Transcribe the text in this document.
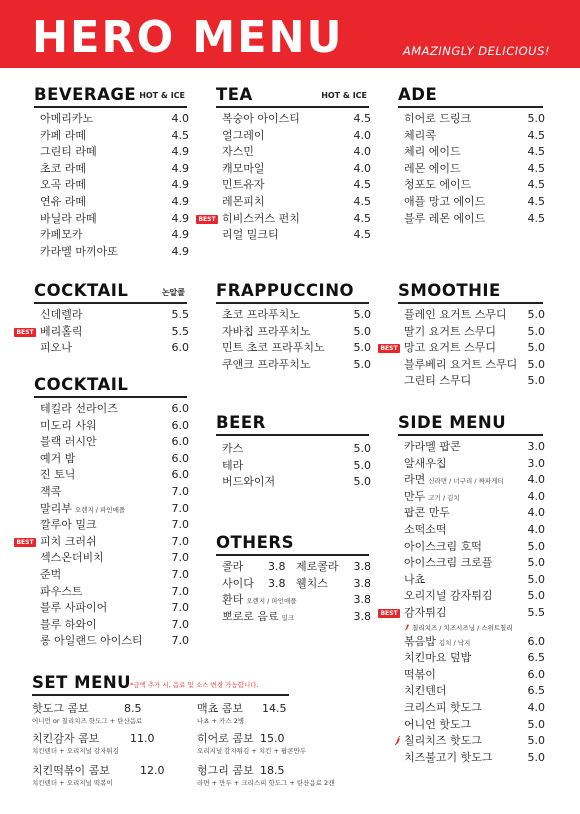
HERO MENU	AMAZINGLY DELICIOUS!
BEVERAGE HOT & ICE
아메리카노	4.0
카페 라떼	4.5
그린티 라떼	4.9
초코 라떼	4.9
오곡 라떼	4.9
연유 라떼	4.9
바닐라 라떼	4.9
카페모카	4.9
카라멜 마끼아또	4.9
TEA	HOT & ICE
복숭아 아이스티	4.5
얼그레이	4.0
자스민	4.0
캐모마일	4.0
민트유자	4.5
레몬피치	4.5
BEST 히비스커스 펀치	4.5
리얼 밀크티	4.5
ADE
히어로 드링크	5.0
체리콕	4.5
체리 에이드	4.5
레몬 에이드	4.5
청포도 에이드	4.5
애플 망고 에이드	4.5
블루 레몬 에이드	4.5
COCKTAIL	논알콜
신데렐라	5.5
BEST 베리홀릭	5.5
피오나	6.0
FRAPPUCCINO
초코 프라푸치노	5.0
자바칩 프라푸치노	5.0
민트 초코 프라푸치노	5.0
쿠앤크 프라푸치노	5.0
SMOOTHIE
플레인 요거트 스무디 5.0
딸기 요거트 스무디	5.0
BEST 망고 요거트 스무디	5.0
블루베리 요거트 스무디 5.0
그린티 스무디	5.0
COCKTAIL
테킬라 선라이즈	6.0
미도리 사워	6.0
블랙 러시안	6.0
예거 밤	6.0
진 토닉	6.0
잭콕	7.0
말리부 오렌지 / 파인애플	7.0
깔루아 밀크	7.0
BEST 피치 크러쉬	7.0
섹스온더비치	7.0
준벅	7.0
파우스트	7.0
블루 사파이어	7.0
블루 하와이	7.0
롱 아일랜드 아이스티	7.0
BEER
카스	5.0
테라	5.0
버드와이저	5.0
OTHERS
콜라 3.8 제로콜라 3.8
사이다 3.8 웰치스 3.8
환타 오렌지 / 파인애플	3.8
뽀로로 음료 밀크	3.8
SIDE MENU
카라멜 팝콘	3.0
알새우칩	3.0
라면 신라면 / 너구리 / 짜파게티 4.0
만두 고기 / 김치	4.0
팝콘 만두	4.0
소떡소떡	4.0
아이스크림 호떡	5.0
아이스크림 크로플	5.0
나쵸	5.0
오리지널 감자튀김	5.0
BEST 감자튀김	5.5
칠리치즈 / 치즈시즈닝 / 스위트칠리
볶음밥 김치 / 낙지	6.0
치킨마요 덮밥	6.5
떡볶이	6.0
치킨텐더	6.5
크리스피 핫도그	4.0
어니언 핫도그	5.0
칠리치즈 핫도그	5.0
치즈불고기 핫도그	5.0
SET MENU
*금액 추가 시, 음료 및 소스 변경 가능합니다.
핫도그 콤보	8.5
어니언 or 칠리치즈 핫도그 + 탄산음료
맥쵸 콤보 14.5
나쵸 + 카스 2병
치킨감자 콤보	11.0
치킨텐더 + 오리지널 감자튀김
히어로 콤보 15.0
오리지널 감자튀김 + 치킨 + 팝콘만두
치킨떡볶이 콤보	12.0
치킨텐더 + 오리지널 떡볶이
헝그리 콤보 18.5
라면 + 만두 + 크리스피 핫도그 + 탄산음료 2캔
